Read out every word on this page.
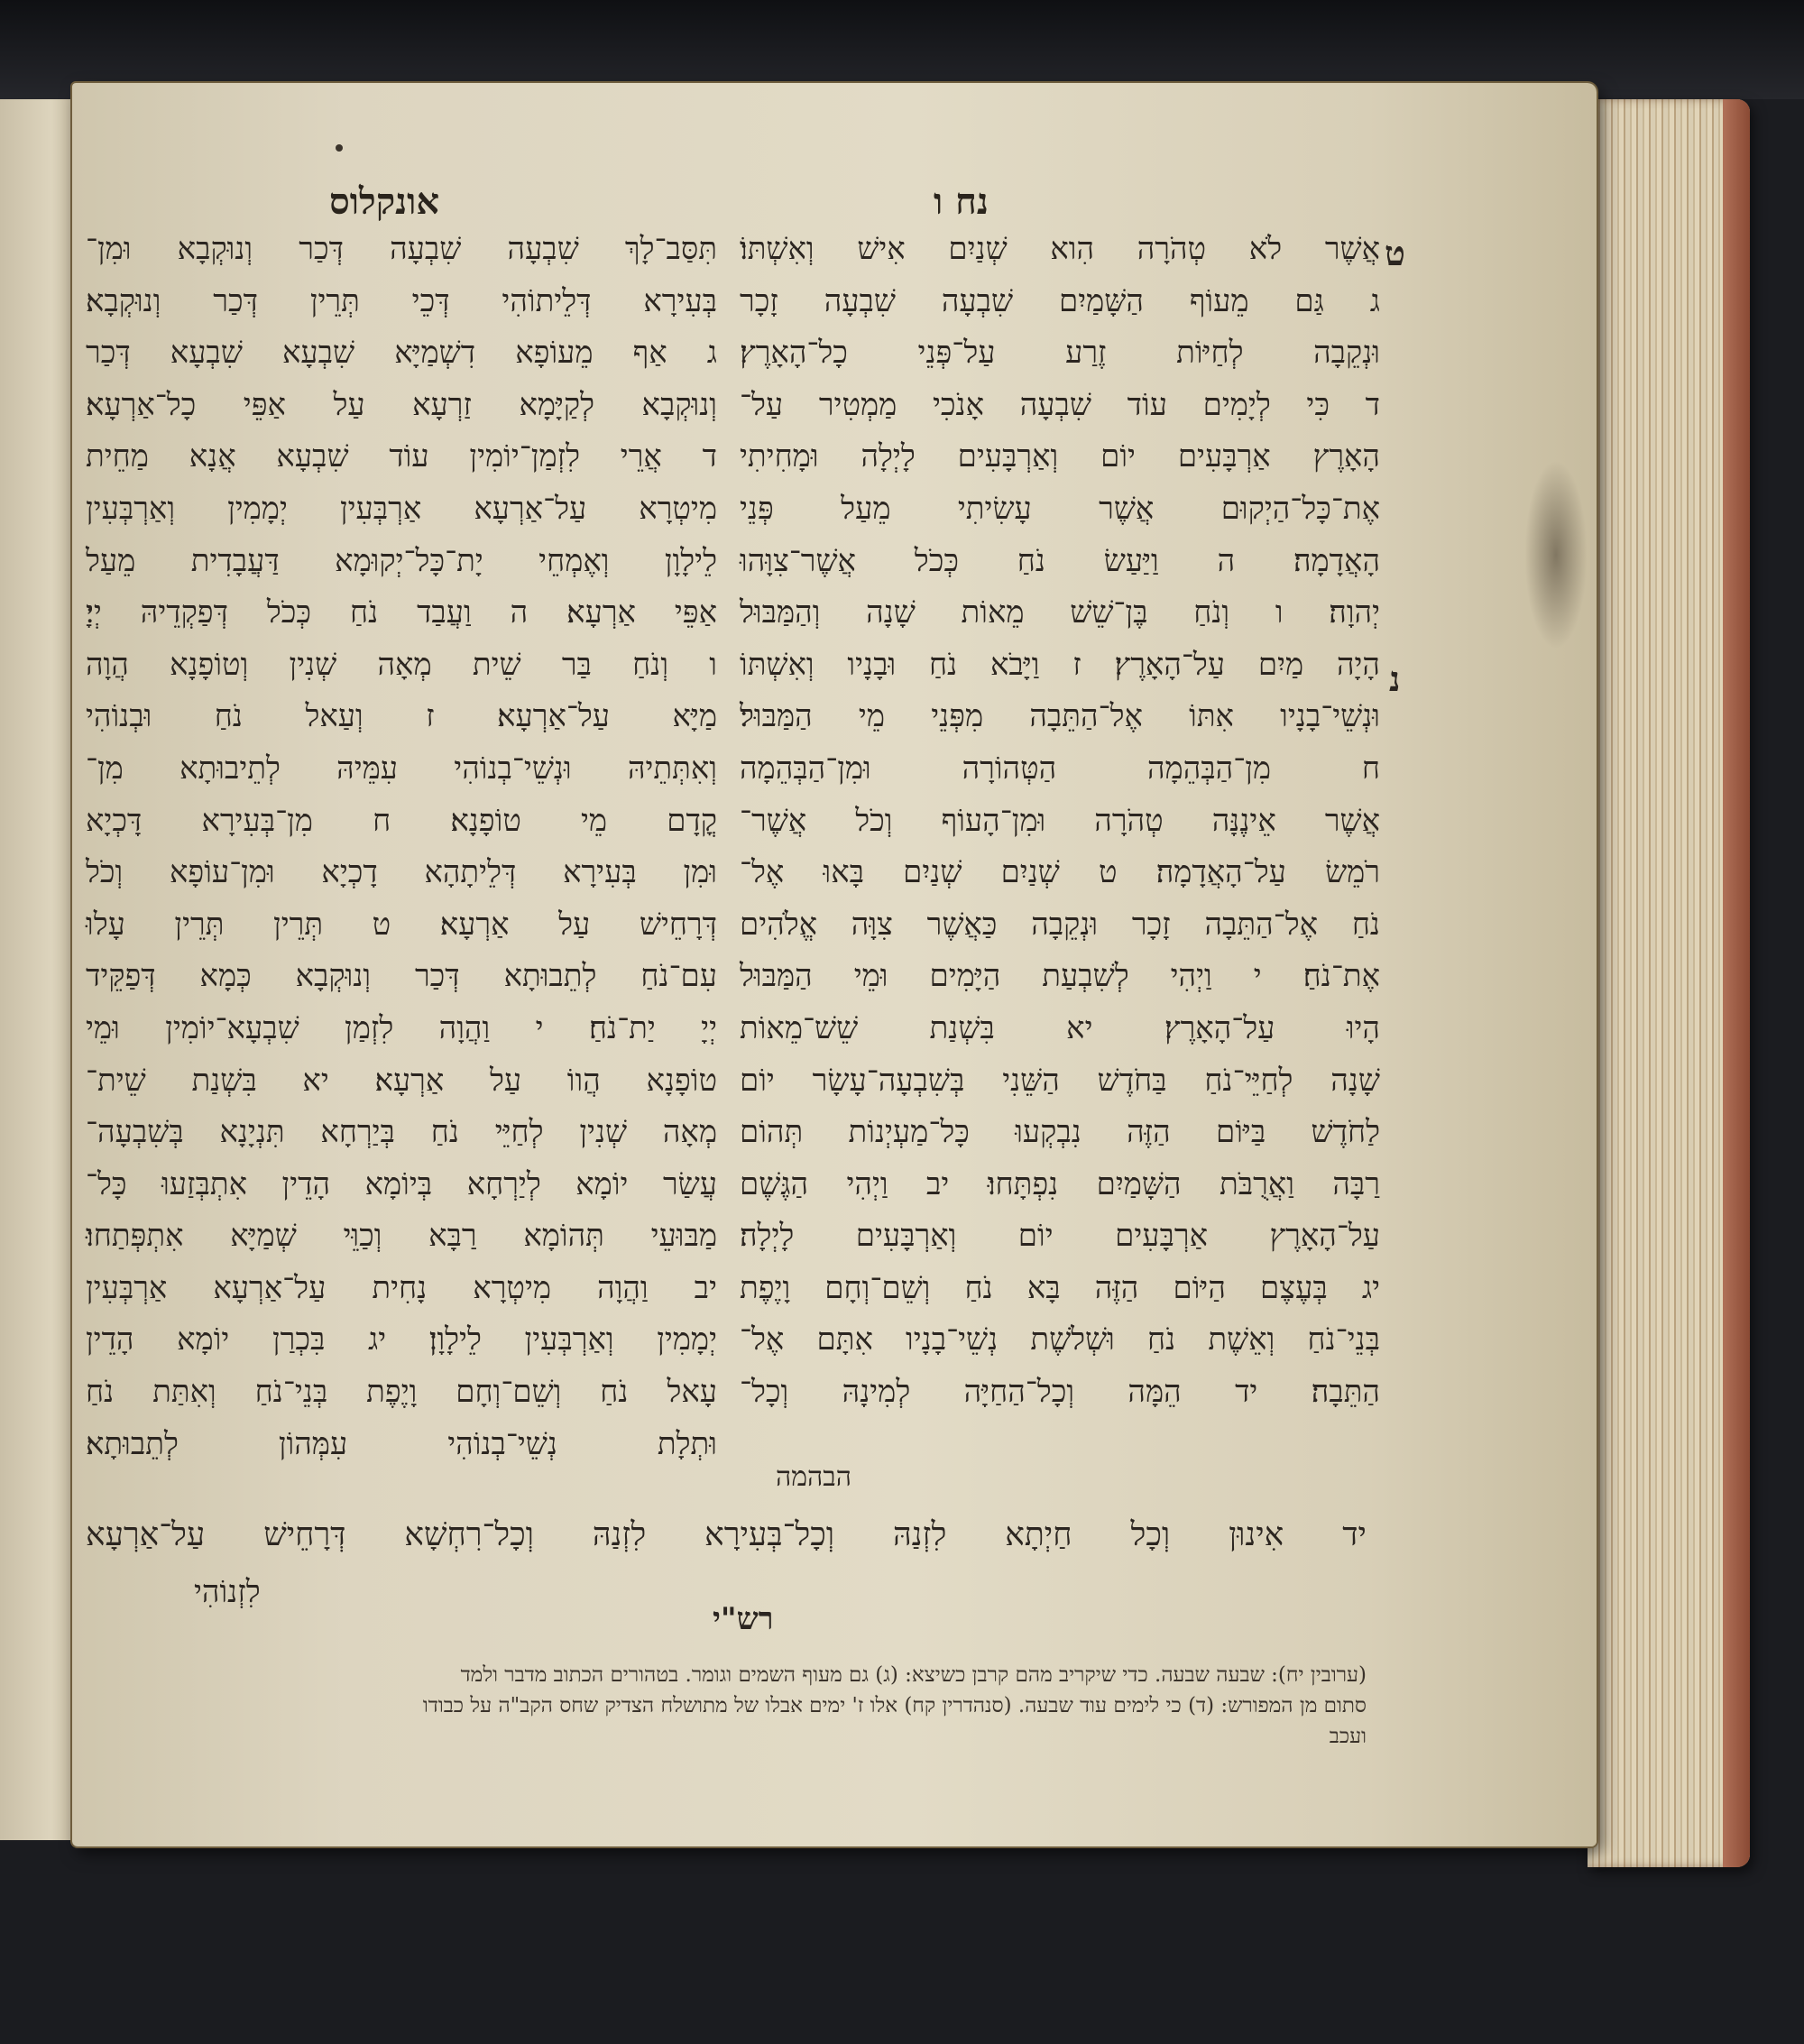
נח ו
אונקלוס
ט
נ
אֲשֶׁר לֹא טְהֹרָה הִוא שְׁנַיִם אִישׁ וְאִשְׁתּוֹ׃
ג גַּם מֵעוֹף הַשָּׁמַיִם שִׁבְעָה שִׁבְעָה זָכָר
וּנְקֵבָה לְחַיּוֹת זֶרַע עַל־פְּנֵי כָל־הָאָרֶץ׃
ד כִּי לְיָמִים עוֹד שִׁבְעָה אָנֹכִי מַמְטִיר עַל־
הָאָרֶץ אַרְבָּעִים יוֹם וְאַרְבָּעִים לָיְלָה וּמָחִיתִי
אֶת־כָּל־הַיְקוּם אֲשֶׁר עָשִׂיתִי מֵעַל פְּנֵי
הָאֲדָמָה׃ ה וַיַּעַשׂ נֹחַ כְּכֹל אֲשֶׁר־צִוָּהוּ
יְהוָה׃ ו וְנֹחַ בֶּן־שֵׁשׁ מֵאוֹת שָׁנָה וְהַמַּבּוּל
הָיָה מַיִם עַל־הָאָרֶץ׃ ז וַיָּבֹא נֹחַ וּבָנָיו וְאִשְׁתּוֹ
וּנְשֵׁי־בָנָיו אִתּוֹ אֶל־הַתֵּבָה מִפְּנֵי מֵי הַמַּבּוּל׃
ח מִן־הַבְּהֵמָה הַטְּהוֹרָה וּמִן־הַבְּהֵמָה
אֲשֶׁר אֵינֶנָּה טְהֹרָה וּמִן־הָעוֹף וְכֹל אֲשֶׁר־
רֹמֵשׂ עַל־הָאֲדָמָה׃ ט שְׁנַיִם שְׁנַיִם בָּאוּ אֶל־
נֹחַ אֶל־הַתֵּבָה זָכָר וּנְקֵבָה כַּאֲשֶׁר צִוָּה אֱלֹהִים
אֶת־נֹחַ׃ י וַיְהִי לְשִׁבְעַת הַיָּמִים וּמֵי הַמַּבּוּל
הָיוּ עַל־הָאָרֶץ׃ יא בִּשְׁנַת שֵׁשׁ־מֵאוֹת
שָׁנָה לְחַיֵּי־נֹחַ בַּחֹדֶשׁ הַשֵּׁנִי בְּשִׁבְעָה־עָשָׂר יוֹם
לַחֹדֶשׁ בַּיּוֹם הַזֶּה נִבְקְעוּ כָּל־מַעְיְנוֹת תְּהוֹם
רַבָּה וַאֲרֻבֹּת הַשָּׁמַיִם נִפְתָּחוּ׃ יב וַיְהִי הַגֶּשֶׁם
עַל־הָאָרֶץ אַרְבָּעִים יוֹם וְאַרְבָּעִים לָיְלָה׃
יג בְּעֶצֶם הַיּוֹם הַזֶּה בָּא נֹחַ וְשֵׁם־וְחָם וָיֶפֶת
בְּנֵי־נֹחַ וְאֵשֶׁת נֹחַ וּשְׁלֹשֶׁת נְשֵׁי־בָנָיו אִתָּם אֶל־
הַתֵּבָה׃ יד הֵמָּה וְכָל־הַחַיָּה לְמִינָהּ וְכָל־
תִּסַּב־לָךְ שִׁבְעָה שִׁבְעָה דְּכַר וְנוּקְבָא וּמִן־
בְּעִירָא דְּלֵיתוֹהִי דְּכֵי תְּרֵין דְּכַר וְנוּקְבָא׃
ג אַף מֵעוֹפָא דִשְׁמַיָּא שִׁבְעָא שִׁבְעָא דְּכַר
וְנוּקְבָא לְקַיָּמָא זַרְעָא עַל אַפֵּי כָל־אַרְעָא׃
ד אֲרֵי לִזְמַן־יוֹמִין עוֹד שִׁבְעָא אֲנָא מַחֵית
מִיטְרָא עַל־אַרְעָא אַרְבְּעִין יְמָמִין וְאַרְבְּעִין
לֵילָוָן וְאֶמְחֵי יָת־כָּל־יְקוּמָא דַּעֲבָדִית מֵעַל
אַפֵּי אַרְעָא׃ ה וַעֲבַד נֹחַ כְּכֹל דְּפַקְדֵיהּ יְיָ׃
ו וְנֹחַ בַּר שֵׁית מְאָה שְׁנִין וְטוֹפָנָא הֲוָה
מַיָּא עַל־אַרְעָא׃ ז וְעַאל נֹחַ וּבְנוֹהִי
וְאִתְּתֵיהּ וּנְשֵׁי־בְנוֹהִי עִמֵּיהּ לְתֵיבוּתָא מִן־
קֳדָם מֵי טוֹפָנָא׃ ח מִן־בְּעִירָא דָּכְיָא
וּמִן בְּעִירָא דְּלֵיתָהָא דָכְיָא וּמִן־עוֹפָא וְכֹל
דְּרָחֵישׁ עַל אַרְעָא׃ ט תְּרֵין תְּרֵין עָלוּ
עִם־נֹחַ לְתֵבוּתָא דְּכַר וְנוּקְבָא כְּמָא דְּפַקֵּיד
יְיָ יַת־נֹחַ׃ י וַהֲוָה לִזְמַן שִׁבְעָא־יוֹמִין וּמֵי
טוֹפָנָא הֲווֹ עַל אַרְעָא׃ יא בִּשְׁנַת שֵׁית־
מְאָה שְׁנִין לְחַיֵּי נֹחַ בְּיַרְחָא תִּנְיָנָא בְּשִׁבְעָה־
עֲשַׂר יוֹמָא לְיַרְחָא בְּיוֹמָא הָדֵין אִתְבְּזַעוּ כָּל־
מַבּוּעֵי תְּהוֹמָא רַבָּא וְכַוֵּי שְׁמַיָּא אִתְפְּתַחוּ׃
יב וַהֲוָה מִיטְרָא נָחִית עַל־אַרְעָא אַרְבְּעִין
יְמָמִין וְאַרְבְּעִין לֵילָוָן׃ יג בִּכְרַן יוֹמָא הָדֵין
עָאל נֹחַ וְשֵׁם־וְחָם וָיֶפֶת בְּנֵי־נֹחַ וְאִתַּת נֹחַ
וּתְלָת נְשֵׁי־בְנוֹהִי עִמְּהוֹן לְתֵבוּתָא׃
הבהמה
יד אִינוּן וְכָל חַיְתָא לִזְנַהּ וְכָל־בְּעִירָא לִזְנַהּ וְכָל־רִחְשָׁא דְּרָחֵישׁ עַל־אַרְעָא
לִזְנוֹהִי
רש"י
(ערובין יח): שבעה שבעה. כדי שיקריב מהם קרבן כשיצא: (ג) גם מעוף השמים וגומר. בטהורים הכתוב מדבר ולמד
סתום מן המפורש: (ד) כי לימים עוד שבעה. (סנהדרין קח) אלו ז' ימים אבלו של מתושלח הצדיק שחס הקב"ה על כבודו
ועכב
